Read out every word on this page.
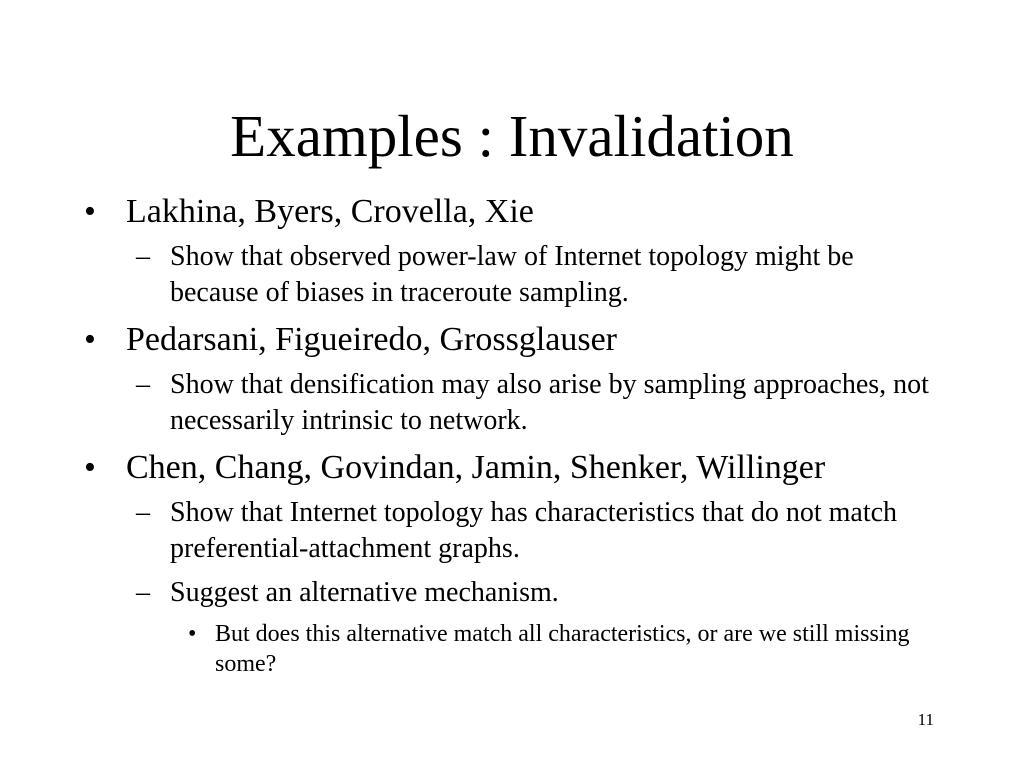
Examples : Invalidation
• Lakhina, Byers, Crovella, Xie
– Show that observed power-law of Internet topology might be because of biases in traceroute sampling.
• Pedarsani, Figueiredo, Grossglauser
– Show that densification may also arise by sampling approaches, not necessarily intrinsic to network.
• Chen, Chang, Govindan, Jamin, Shenker, Willinger
– Show that Internet topology has characteristics that do not match preferential-attachment graphs.
– Suggest an alternative mechanism.
• But does this alternative match all characteristics, or are we still missing some?
11
